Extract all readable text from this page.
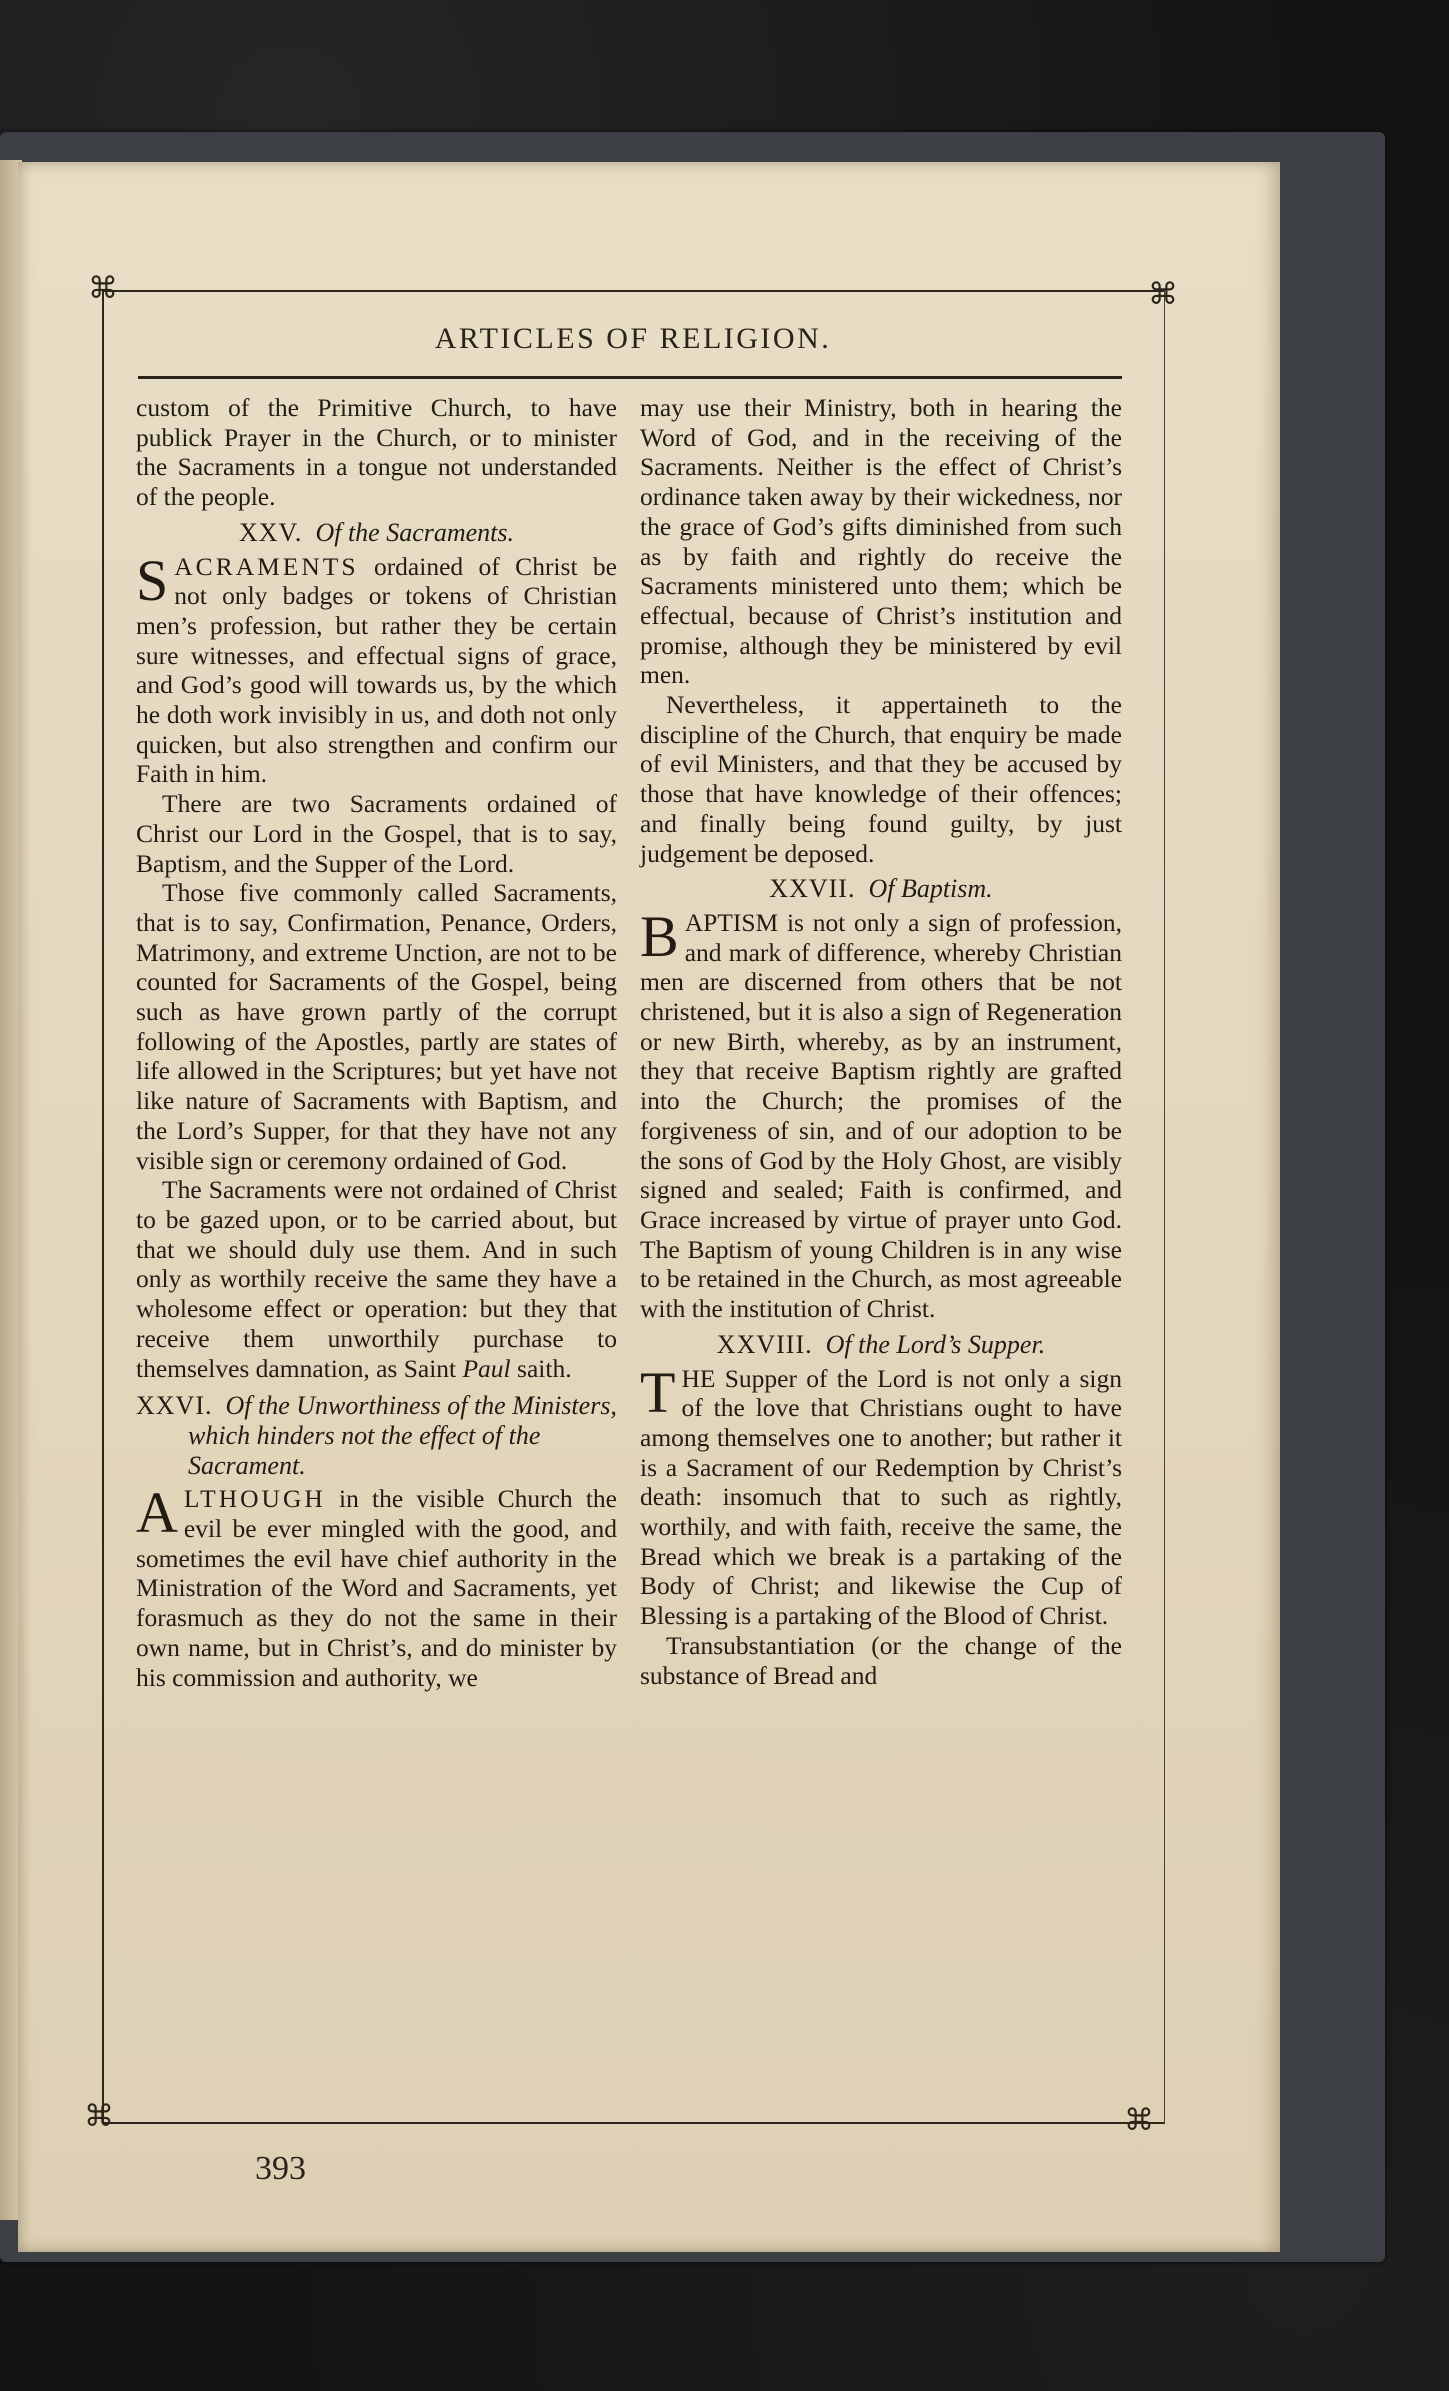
⌘	⌘
⌘	⌘
ARTICLES OF RELIGION.

custom of the Primitive Church, to have publick Prayer in the Church, or to minister the Sacraments in a tongue not understanded of the people.

XXV. Of the Sacraments.

SACRAMENTS ordained of Christ be not only badges or tokens of Christian men’s profession, but rather they be certain sure witnesses, and effectual signs of grace, and God’s good will towards us, by the which he doth work invisibly in us, and doth not only quicken, but also strengthen and confirm our Faith in him.

There are two Sacraments ordained of Christ our Lord in the Gospel, that is to say, Baptism, and the Supper of the Lord.

Those five commonly called Sacraments, that is to say, Confirmation, Penance, Orders, Matrimony, and extreme Unction, are not to be counted for Sacraments of the Gospel, being such as have grown partly of the corrupt following of the Apostles, partly are states of life allowed in the Scriptures; but yet have not like nature of Sacraments with Baptism, and the Lord’s Supper, for that they have not any visible sign or ceremony ordained of God.

The Sacraments were not ordained of Christ to be gazed upon, or to be carried about, but that we should duly use them. And in such only as worthily receive the same they have a wholesome effect or operation: but they that receive them unworthily purchase to themselves damnation, as Saint Paul saith.

XXVI. Of the Unworthiness of the Ministers, which hinders not the effect of the Sacrament.

ALTHOUGH in the visible Church the evil be ever mingled with the good, and sometimes the evil have chief authority in the Ministration of the Word and Sacraments, yet forasmuch as they do not the same in their own name, but in Christ’s, and do minister by his commission and authority, we

may use their Ministry, both in hearing the Word of God, and in the receiving of the Sacraments. Neither is the effect of Christ’s ordinance taken away by their wickedness, nor the grace of God’s gifts diminished from such as by faith and rightly do receive the Sacraments ministered unto them; which be effectual, because of Christ’s institution and promise, although they be ministered by evil men.

Nevertheless, it appertaineth to the discipline of the Church, that enquiry be made of evil Ministers, and that they be accused by those that have knowledge of their offences; and finally being found guilty, by just judgement be deposed.

XXVII. Of Baptism.

BAPTISM is not only a sign of profession, and mark of difference, whereby Christian men are discerned from others that be not christened, but it is also a sign of Regeneration or new Birth, whereby, as by an instrument, they that receive Baptism rightly are grafted into the Church; the promises of the forgiveness of sin, and of our adoption to be the sons of God by the Holy Ghost, are visibly signed and sealed; Faith is confirmed, and Grace increased by virtue of prayer unto God. The Baptism of young Children is in any wise to be retained in the Church, as most agreeable with the institution of Christ.

XXVIII. Of the Lord’s Supper.

THE Supper of the Lord is not only a sign of the love that Christians ought to have among themselves one to another; but rather it is a Sacrament of our Redemption by Christ’s death: insomuch that to such as rightly, worthily, and with faith, receive the same, the Bread which we break is a partaking of the Body of Christ; and likewise the Cup of Blessing is a partaking of the Blood of Christ.

Transubstantiation (or the change of the substance of Bread and

393
